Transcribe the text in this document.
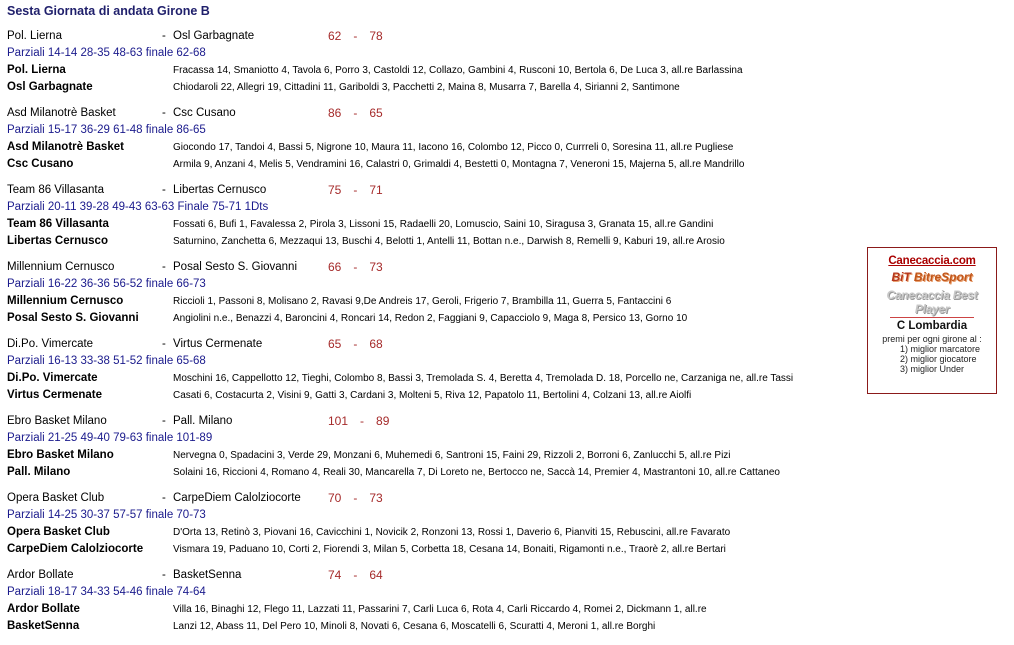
Sesta Giornata di andata Girone B
Pol. Lierna	- Osl Garbagnate	62 - 78
Parziali 14-14 28-35 48-63 finale 62-68
Pol. Lierna	Fracassa 14, Smaniotto 4, Tavola 6, Porro 3, Castoldi 12, Collazo, Gambini 4, Rusconi 10, Bertola 6, De Luca 3, all.re Barlassina
Osl Garbagnate	Chiodaroli 22, Allegri 19, Cittadini 11, Gariboldi 3, Pacchetti 2, Maina 8, Musarra 7, Barella 4, Sirianni 2, Santimone
Asd Milanotrè Basket	- Csc Cusano	86 - 65
Parziali 15-17 36-29 61-48 finale 86-65
Asd Milanotrè Basket	Giocondo 17, Tandoi 4, Bassi 5, Nigrone 10, Maura 11, Iacono 16, Colombo 12, Picco 0, Currreli 0, Soresina 11, all.re Pugliese
Csc Cusano	Armila 9, Anzani 4, Melis 5, Vendramini 16, Calastri 0, Grimaldi 4, Bestetti 0, Montagna 7, Veneroni 15, Majerna 5, all.re Mandrillo
Team 86 Villasanta	- Libertas Cernusco	75 - 71
Parziali 20-11 39-28 49-43 63-63 Finale 75-71 1Dts
Team 86 Villasanta	Fossati 6, Bufi 1, Favalessa 2, Pirola 3, Lissoni 15, Radaelli 20, Lomuscio, Saini 10, Siragusa 3, Granata 15, all.re Gandini
Libertas Cernusco	Saturnino, Zanchetta 6, Mezzaqui 13, Buschi 4, Belotti 1, Antelli 11, Bottan n.e., Darwish 8, Remelli 9, Kaburi 19, all.re Arosio
Millennium Cernusco	- Posal Sesto S. Giovanni	66 - 73
Parziali 16-22 36-36 56-52 finale 66-73
Millennium Cernusco	Riccioli 1, Passoni 8, Molisano 2, Ravasi 9,De Andreis 17, Geroli, Frigerio 7, Brambilla 11, Guerra 5, Fantaccini 6
Posal Sesto S. Giovanni	Angiolini n.e., Benazzi 4, Baroncini 4, Roncari 14, Redon 2, Faggiani 9, Capacciolo 9, Maga 8, Persico 13, Gorno 10
Di.Po. Vimercate	- Virtus Cermenate	65 - 68
Parziali 16-13 33-38 51-52 finale 65-68
Di.Po. Vimercate	Moschini 16, Cappellotto 12, Tieghi, Colombo 8, Bassi 3, Tremolada S. 4, Beretta 4, Tremolada D. 18, Porcello ne, Carzaniga ne, all.re Tassi
Virtus Cermenate	Casati 6, Costacurta 2, Visini 9, Gatti 3, Cardani 3, Molteni 5, Riva 12, Papatolo 11, Bertolini 4, Colzani 13, all.re Aiolfi
Ebro Basket Milano	- Pall. Milano	101 - 89
Parziali 21-25 49-40 79-63 finale 101-89
Ebro Basket Milano	Nervegna 0, Spadacini 3, Verde 29, Monzani 6, Muhemedi 6, Santroni 15, Faini 29, Rizzoli 2, Borroni 6, Zanlucchi 5, all.re Pizi
Pall. Milano	Solaini 16, Riccioni 4, Romano 4, Reali 30, Mancarella 7, Di Loreto ne, Bertocco ne, Saccà 14, Premier 4, Mastrantoni 10, all.re Cattaneo
Opera Basket Club	- CarpeDiem Calolziocorte 70 - 73
Parziali 14-25 30-37 57-57 finale 70-73
Opera Basket Club	D'Orta 13, Retinò 3, Piovani 16, Cavicchini 1, Novicik 2, Ronzoni 13, Rossi 1, Daverio 6, Pianviti 15, Rebuscini, all.re Favarato
CarpeDiem Calolziocorte	Vismara 19, Paduano 10, Corti 2, Fiorendi 3, Milan 5, Corbetta 18, Cesana 14, Bonaiti, Rigamonti n.e., Traorè 2, all.re Bertari
Ardor Bollate	- BasketSenna	74 - 64
Parziali 18-17 34-33 54-46 finale 74-64
Ardor Bollate	Villa 16, Binaghi 12, Flego 11, Lazzati 11, Passarini 7, Carli Luca 6, Rota 4, Carli Riccardo 4, Romei 2, Dickmann 1, all.re
BasketSenna	Lanzi 12, Abass 11, Del Pero 10, Minoli 8, Novati 6, Cesana 6, Moscatelli 6, Scuratti 4, Meroni 1, all.re Borghi
Canecaccia.com
BiT BitreSport
Canecaccia Best Player
C Lombardia
premi per ogni girone al :
1) miglior marcatore
2) miglior giocatore
3) miglior Under
